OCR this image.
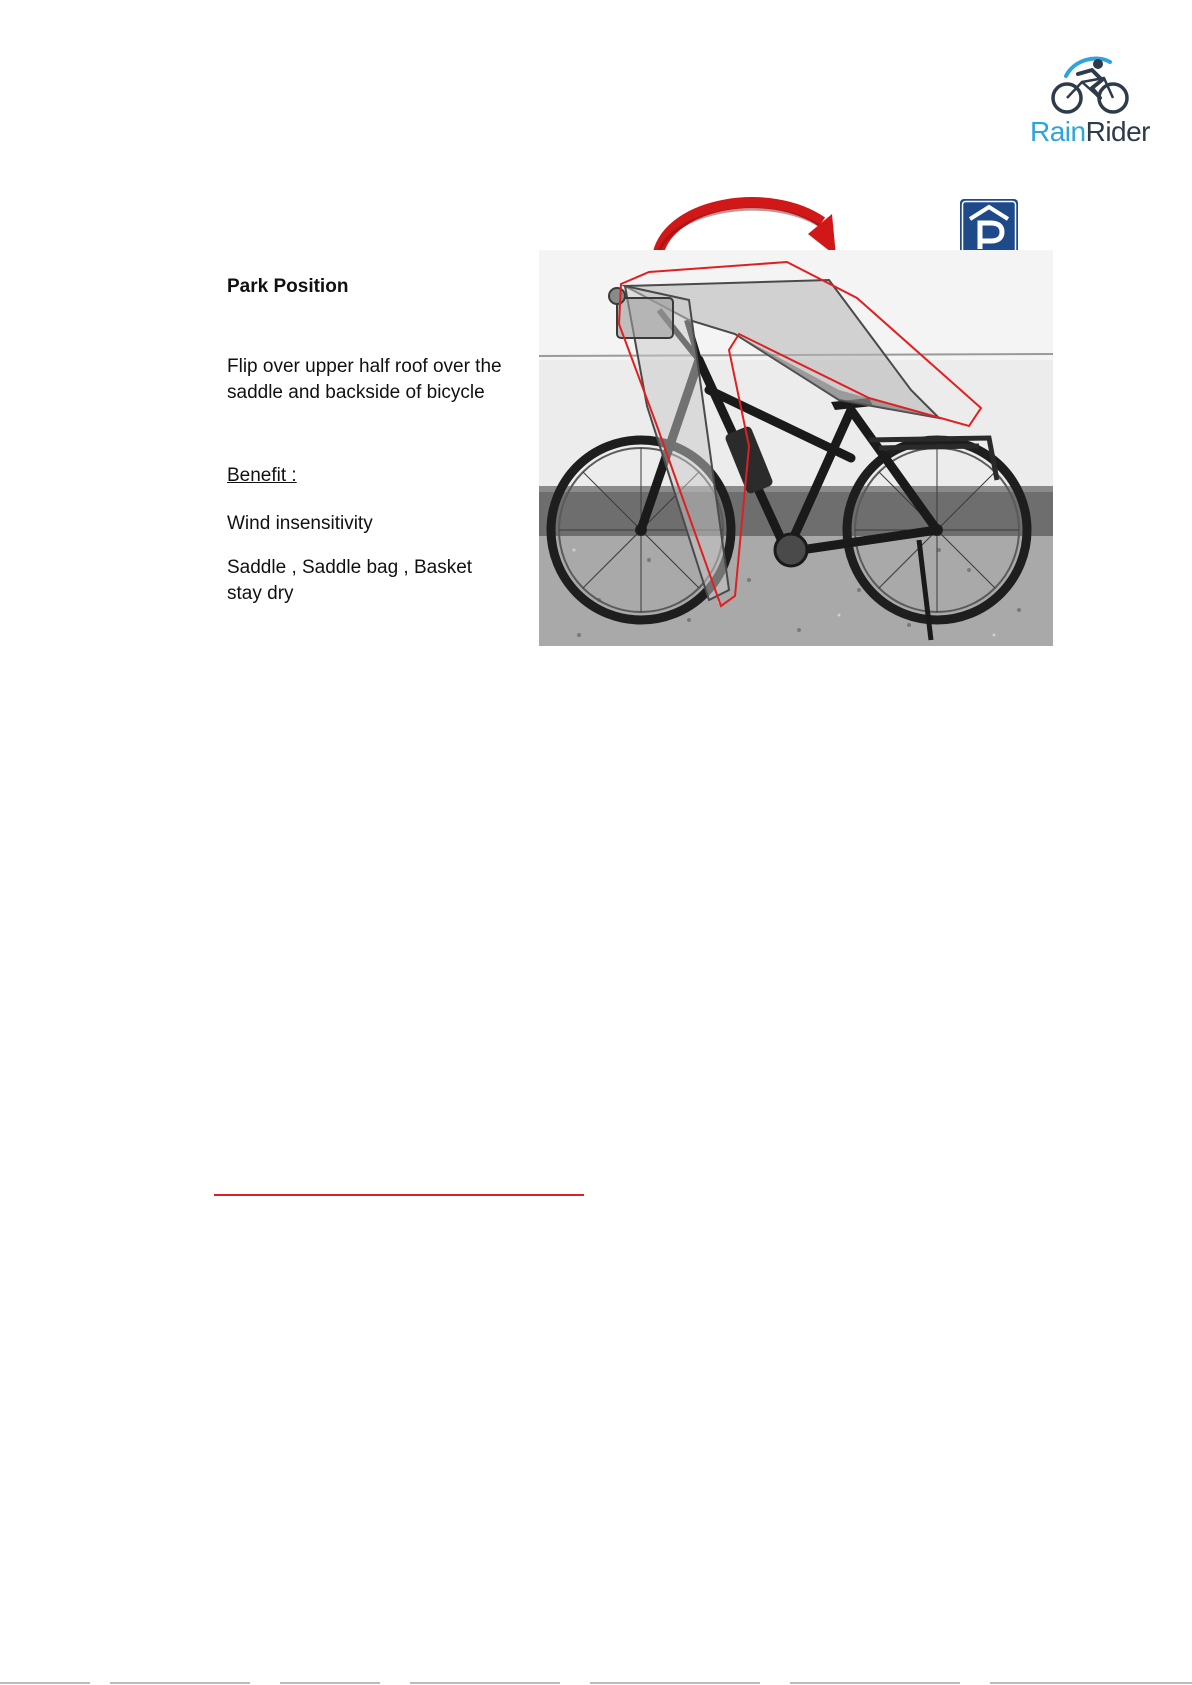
RainRider
Park Position
Flip over upper half roof over the saddle and backside of bicycle
Benefit :
Wind insensitivity
Saddle , Saddle bag , Basket stay dry
